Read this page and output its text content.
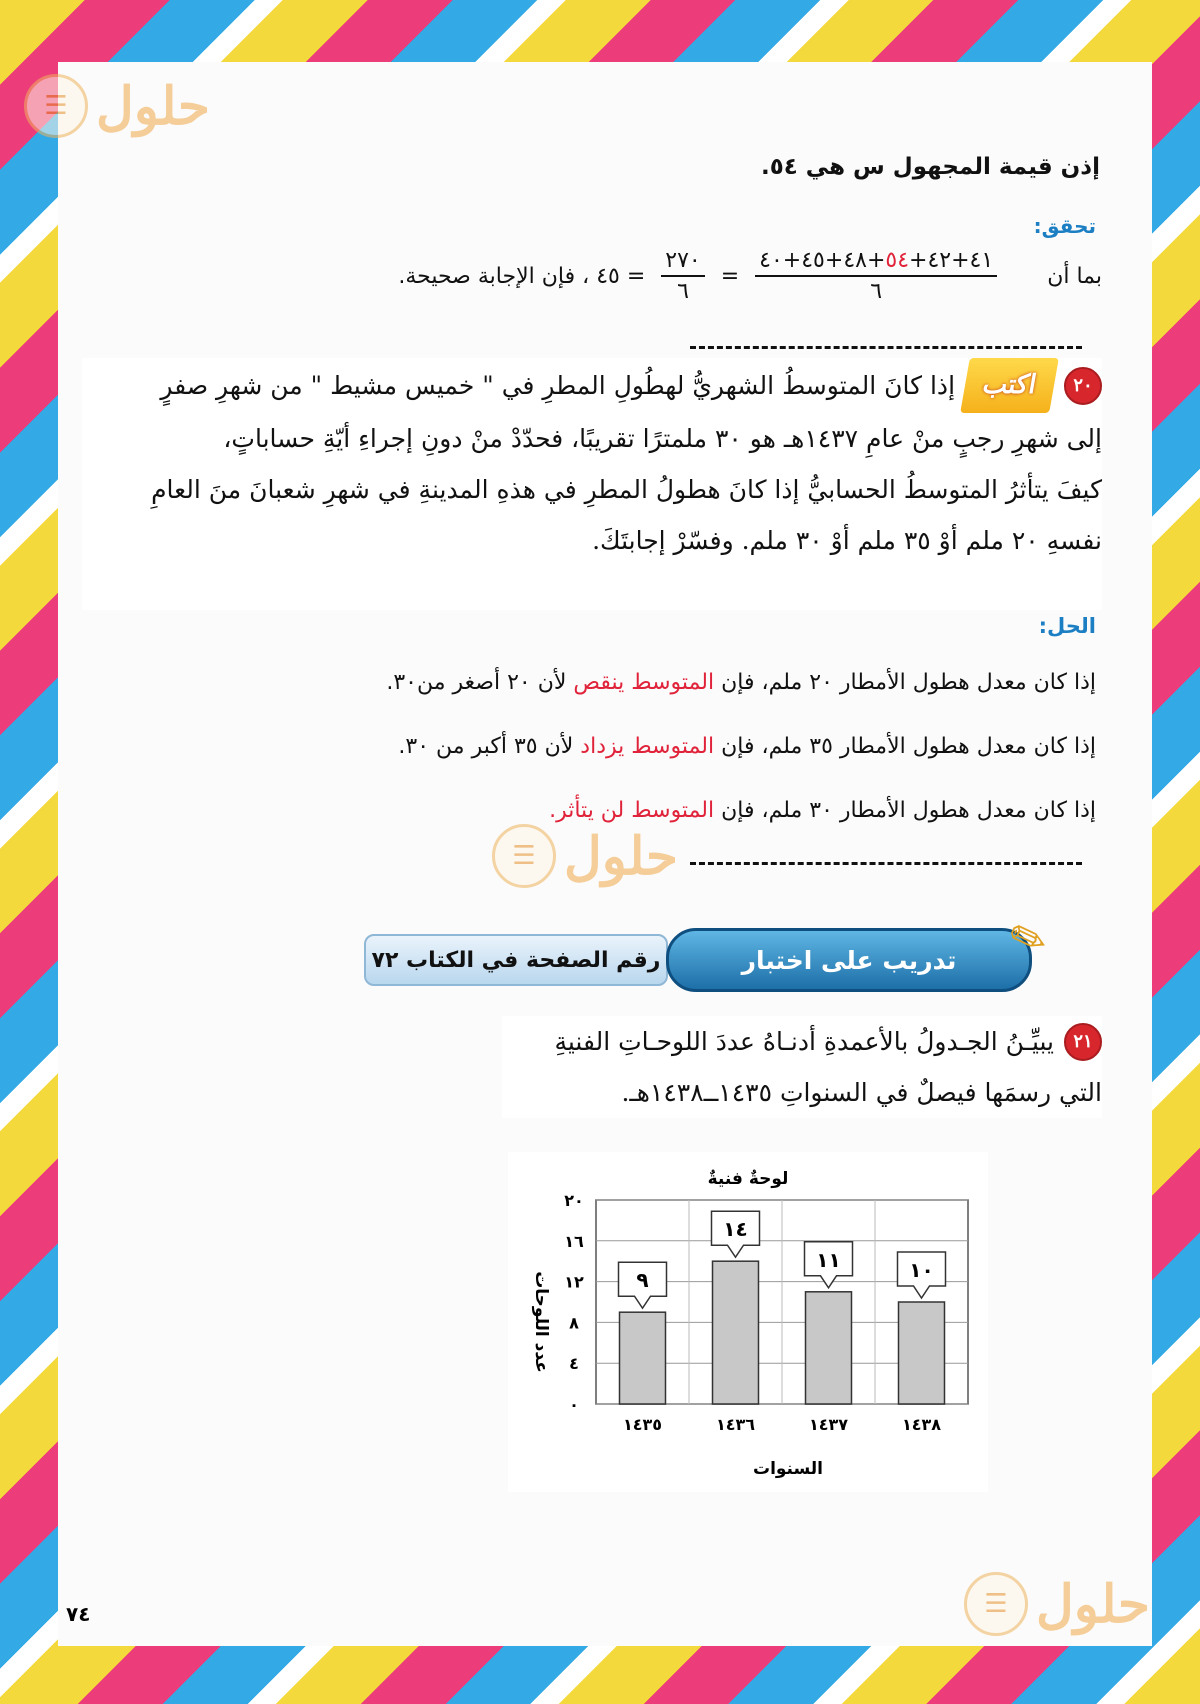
☰ حلول
☰ حلول
☰ حلول
إذن قيمة المجهول س هي ٥٤.
تحقق:
بما أن
$\frac{٤١+٤٢+٥٤+٤٨+٤٥+٤٠}{٦}$
=
$\frac{٢٧٠}{٦}$
= ٤٥ ، فإن الإجابة صحيحة.
٢٠
اكتب
إذا كانَ المتوسطُ الشهريُّ لهطُولِ المطرِ في " خميس مشيط " من شهرِ صفرٍ
إلى شهرِ رجبٍ منْ عامِ ١٤٣٧هـ هو ٣٠ ملمترًا تقريبًا، فحدّدْ منْ دونِ إجراءِ أيّةِ حساباتٍ،
كيفَ يتأثرُ المتوسطُ الحسابيُّ إذا كانَ هطولُ المطرِ في هذهِ المدينةِ في شهرِ شعبانَ منَ العامِ
نفسهِ ٢٠ ملم أوْ ٣٥ ملم أوْ ٣٠ ملم. وفسّرْ إجابتَكَ.
الحل:
إذا كان معدل هطول الأمطار ٢٠ ملم، فإن المتوسط ينقص لأن ٢٠ أصغر من٣٠.
إذا كان معدل هطول الأمطار ٣٥ ملم، فإن المتوسط يزداد لأن ٣٥ أكبر من ٣٠.
إذا كان معدل هطول الأمطار ٣٠ ملم، فإن المتوسط لن يتأثر.
رقم الصفحة في الكتاب ٧٢	تدريب على اختبار	✎
٢١
يبيِّـنُ الجـدولُ بالأعمدةِ أدنـاهُ عددَ اللوحـاتِ الفنيةِ
التي رسمَها فيصلٌ في السنواتِ ١٤٣٥ــ١٤٣٨هـ.
لوحةٌ فنيةٌ
السنوات
عدد اللوحات
٠
٤
٨
١٢
١٦
٢٠
٩
١٤٣٥
١٤
١٤٣٦
١١
١٤٣٧
١٠
١٤٣٨
٧٤
